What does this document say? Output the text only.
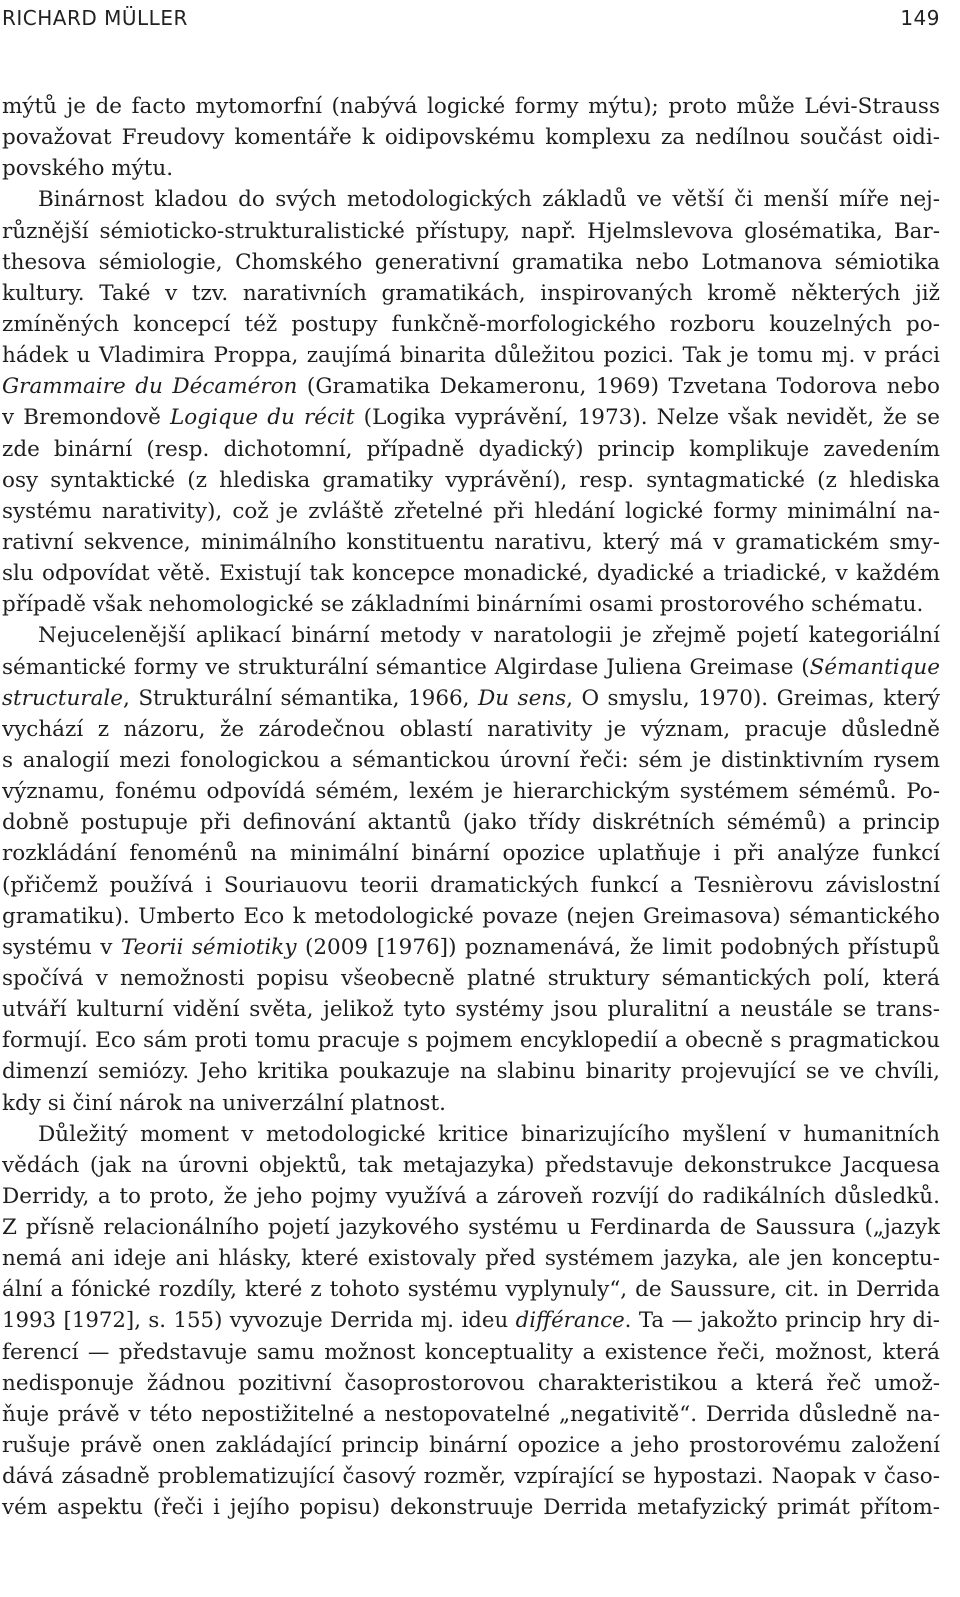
RICHARD MÜLLER	149
mýtů je de facto mytomorfní (nabývá logické formy mýtu); proto může Lévi-Strauss
považovat Freudovy komentáře k oidipovskému komplexu za nedílnou součást oidi-
povského mýtu.
Binárnost kladou do svých metodologických základů ve větší či menší míře nej-
různější sémioticko-strukturalistické přístupy, např. Hjelmslevova glosématika, Bar-
thesova sémiologie, Chomského generativní gramatika nebo Lotmanova sémiotika
kultury. Také v tzv. narativních gramatikách, inspirovaných kromě některých již
zmíněných koncepcí též postupy funkčně-morfologického rozboru kouzelných po-
hádek u Vladimira Proppa, zaujímá binarita důležitou pozici. Tak je tomu mj. v práci
Grammaire du Décaméron (Gramatika Dekameronu, 1969) Tzvetana Todorova nebo
v Bremondově Logique du récit (Logika vyprávění, 1973). Nelze však nevidět, že se
zde binární (resp. dichotomní, případně dyadický) princip komplikuje zavedením
osy syntaktické (z hlediska gramatiky vyprávění), resp. syntagmatické (z hlediska
systému narativity), což je zvláště zřetelné při hledání logické formy minimální na-
rativní sekvence, minimálního konstituentu narativu, který má v gramatickém smy-
slu odpovídat větě. Existují tak koncepce monadické, dyadické a triadické, v každém
případě však nehomologické se základními binárními osami prostorového schématu.
Nejucelenější aplikací binární metody v naratologii je zřejmě pojetí kategoriální
sémantické formy ve strukturální sémantice Algirdase Juliena Greimase (Sémantique
structurale, Strukturální sémantika, 1966, Du sens, O smyslu, 1970). Greimas, který
vychází z názoru, že zárodečnou oblastí narativity je význam, pracuje důsledně
s analogií mezi fonologickou a sémantickou úrovní řeči: sém je distinktivním rysem
významu, fonému odpovídá sémém, lexém je hierarchickým systémem sémémů. Po-
dobně postupuje při definování aktantů (jako třídy diskrétních sémémů) a princip
rozkládání fenoménů na minimální binární opozice uplatňuje i při analýze funkcí
(přičemž používá i Souriauovu teorii dramatických funkcí a Tesnièrovu závislostní
gramatiku). Umberto Eco k metodologické povaze (nejen Greimasova) sémantického
systému v Teorii sémiotiky (2009 [1976]) poznamenává, že limit podobných přístupů
spočívá v nemožnosti popisu všeobecně platné struktury sémantických polí, která
utváří kulturní vidění světa, jelikož tyto systémy jsou pluralitní a neustále se trans-
formují. Eco sám proti tomu pracuje s pojmem encyklopedií a obecně s pragmatickou
dimenzí semiózy. Jeho kritika poukazuje na slabinu binarity projevující se ve chvíli,
kdy si činí nárok na univerzální platnost.
Důležitý moment v metodologické kritice binarizujícího myšlení v humanitních
vědách (jak na úrovni objektů, tak metajazyka) představuje dekonstrukce Jacquesa
Derridy, a to proto, že jeho pojmy využívá a zároveň rozvíjí do radikálních důsledků.
Z přísně relacionálního pojetí jazykového systému u Ferdinarda de Saussura („jazyk
nemá ani ideje ani hlásky, které existovaly před systémem jazyka, ale jen konceptu-
ální a fónické rozdíly, které z tohoto systému vyplynuly“, de Saussure, cit. in Derrida
1993 [1972], s. 155) vyvozuje Derrida mj. ideu différance. Ta — jakožto princip hry di-
ferencí — představuje samu možnost konceptuality a existence řeči, možnost, která
nedisponuje žádnou pozitivní časoprostorovou charakteristikou a která řeč umož-
ňuje právě v této nepostižitelné a nestopovatelné „negativitě“. Derrida důsledně na-
rušuje právě onen zakládající princip binární opozice a jeho prostorovému založení
dává zásadně problematizující časový rozměr, vzpírající se hypostazi. Naopak v časo-
vém aspektu (řeči i jejího popisu) dekonstruuje Derrida metafyzický primát přítom-
